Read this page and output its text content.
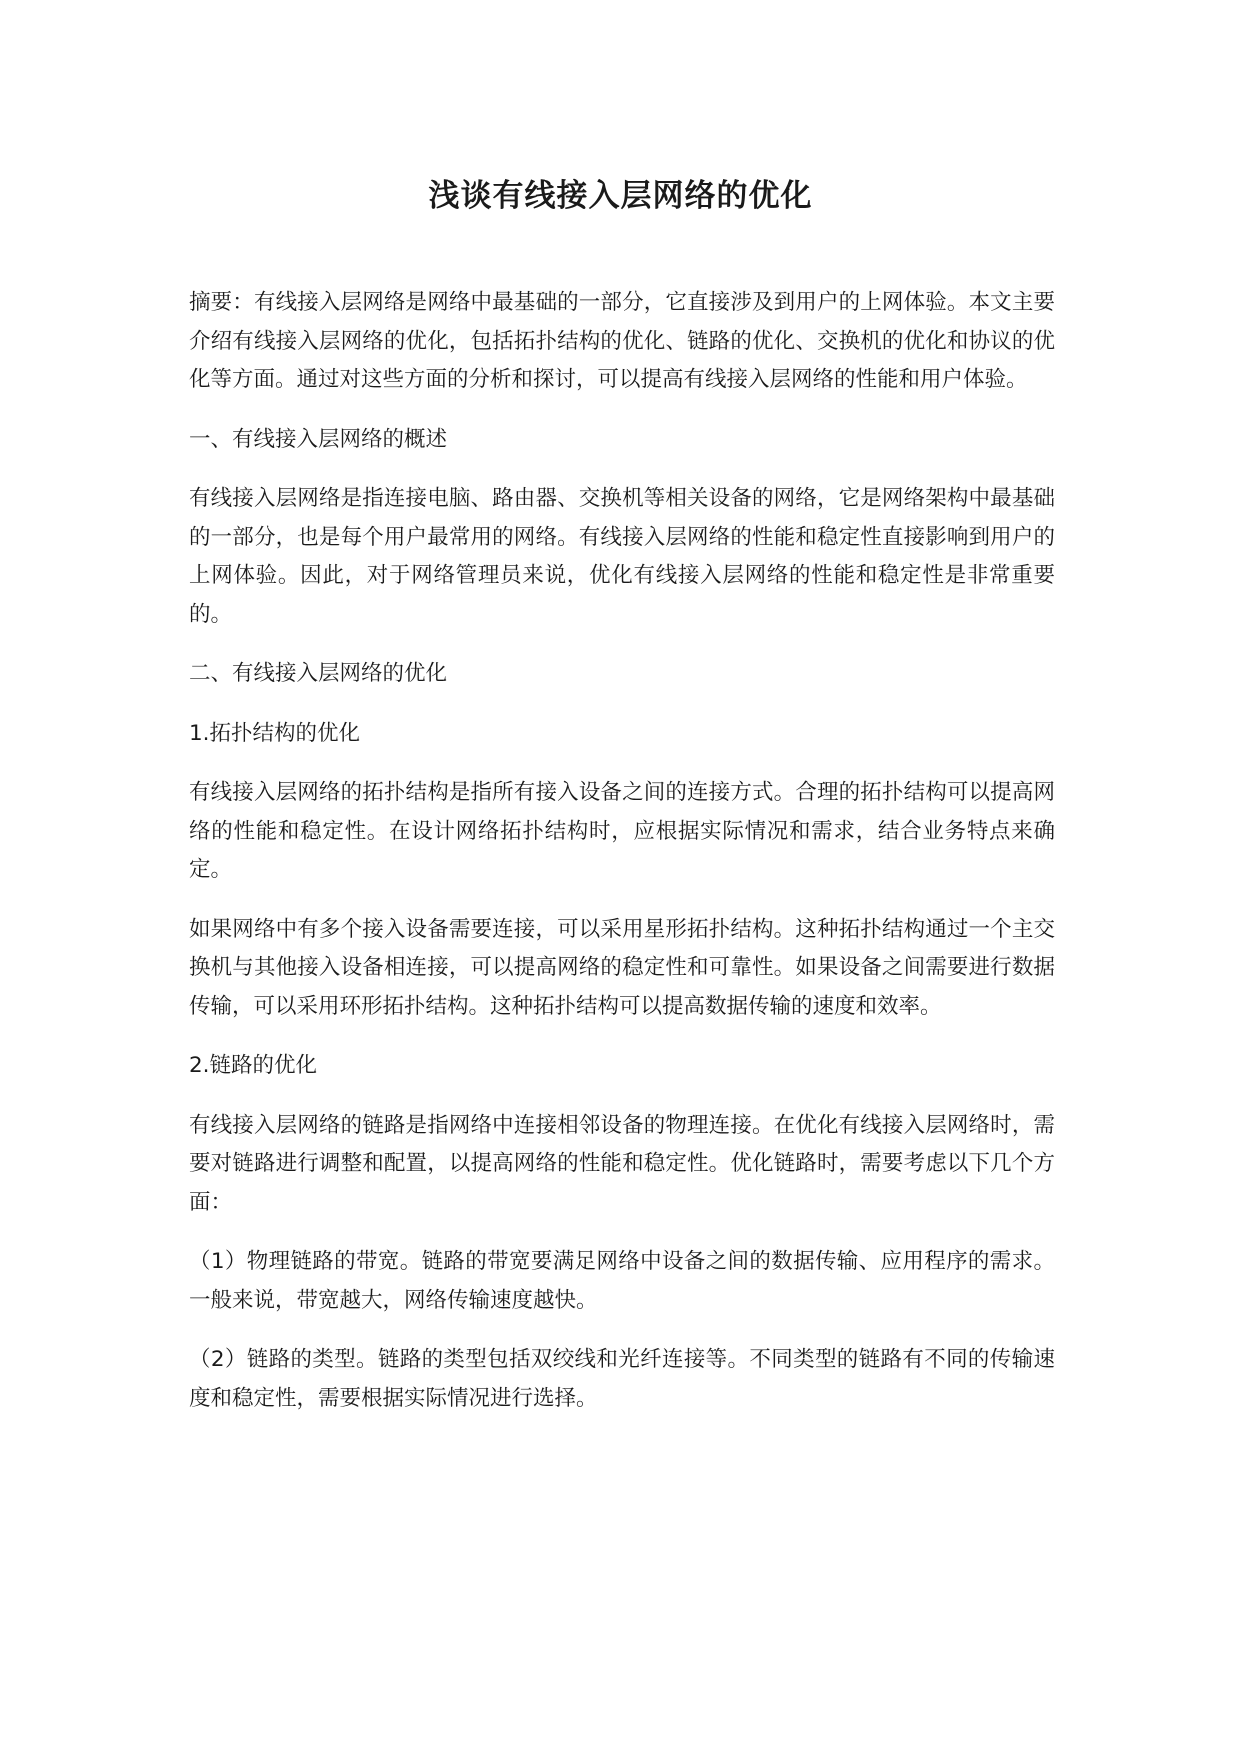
浅谈有线接入层网络的优化

摘要：有线接入层网络是网络中最基础的一部分，它直接涉及到用户的上网体验。本文主要介绍有线接入层网络的优化，包括拓扑结构的优化、链路的优化、交换机的优化和协议的优化等方面。通过对这些方面的分析和探讨，可以提高有线接入层网络的性能和用户体验。

一、有线接入层网络的概述

有线接入层网络是指连接电脑、路由器、交换机等相关设备的网络，它是网络架构中最基础的一部分，也是每个用户最常用的网络。有线接入层网络的性能和稳定性直接影响到用户的上网体验。因此，对于网络管理员来说，优化有线接入层网络的性能和稳定性是非常重要的。

二、有线接入层网络的优化

1.拓扑结构的优化

有线接入层网络的拓扑结构是指所有接入设备之间的连接方式。合理的拓扑结构可以提高网络的性能和稳定性。在设计网络拓扑结构时，应根据实际情况和需求，结合业务特点来确定。

如果网络中有多个接入设备需要连接，可以采用星形拓扑结构。这种拓扑结构通过一个主交换机与其他接入设备相连接，可以提高网络的稳定性和可靠性。如果设备之间需要进行数据传输，可以采用环形拓扑结构。这种拓扑结构可以提高数据传输的速度和效率。

2.链路的优化

有线接入层网络的链路是指网络中连接相邻设备的物理连接。在优化有线接入层网络时，需要对链路进行调整和配置，以提高网络的性能和稳定性。优化链路时，需要考虑以下几个方面：

（1）物理链路的带宽。链路的带宽要满足网络中设备之间的数据传输、应用程序的需求。一般来说，带宽越大，网络传输速度越快。

（2）链路的类型。链路的类型包括双绞线和光纤连接等。不同类型的链路有不同的传输速度和稳定性，需要根据实际情况进行选择。
